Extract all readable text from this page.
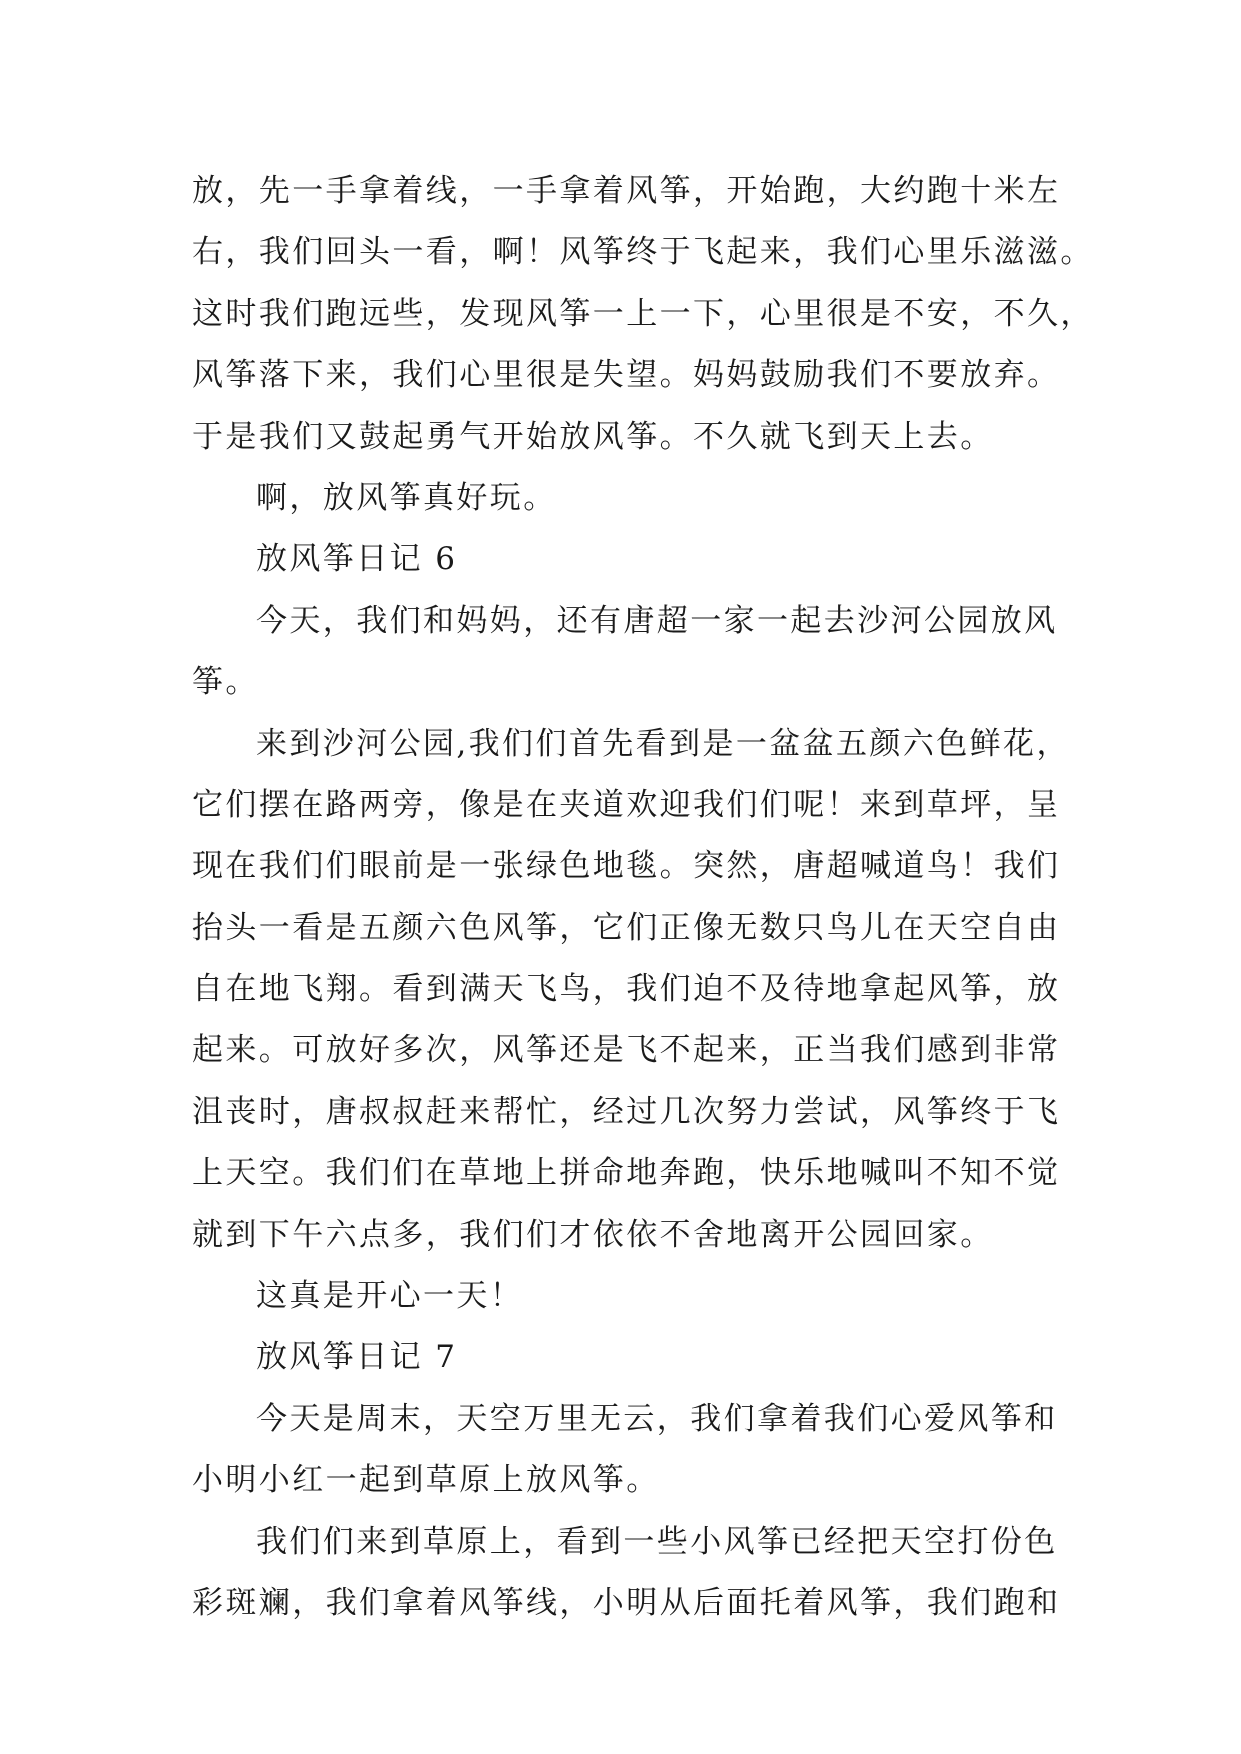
放，先一手拿着线，一手拿着风筝，开始跑，大约跑十米左
右，我们回头一看，啊！风筝终于飞起来，我们心里乐滋滋。
这时我们跑远些，发现风筝一上一下，心里很是不安，不久，
风筝落下来，我们心里很是失望。妈妈鼓励我们不要放弃。
于是我们又鼓起勇气开始放风筝。不久就飞到天上去。
啊，放风筝真好玩。
放风筝日记 6
今天，我们和妈妈，还有唐超一家一起去沙河公园放风
筝。
来到沙河公园,我们们首先看到是一盆盆五颜六色鲜花，
它们摆在路两旁，像是在夹道欢迎我们们呢！来到草坪，呈
现在我们们眼前是一张绿色地毯。突然，唐超喊道鸟！我们
抬头一看是五颜六色风筝，它们正像无数只鸟儿在天空自由
自在地飞翔。看到满天飞鸟，我们迫不及待地拿起风筝，放
起来。可放好多次，风筝还是飞不起来，正当我们感到非常
沮丧时，唐叔叔赶来帮忙，经过几次努力尝试，风筝终于飞
上天空。我们们在草地上拼命地奔跑，快乐地喊叫不知不觉
就到下午六点多，我们们才依依不舍地离开公园回家。
这真是开心一天！
放风筝日记 7
今天是周末，天空万里无云，我们拿着我们心爱风筝和
小明小红一起到草原上放风筝。
我们们来到草原上，看到一些小风筝已经把天空打份色
彩斑斓，我们拿着风筝线，小明从后面托着风筝，我们跑和
